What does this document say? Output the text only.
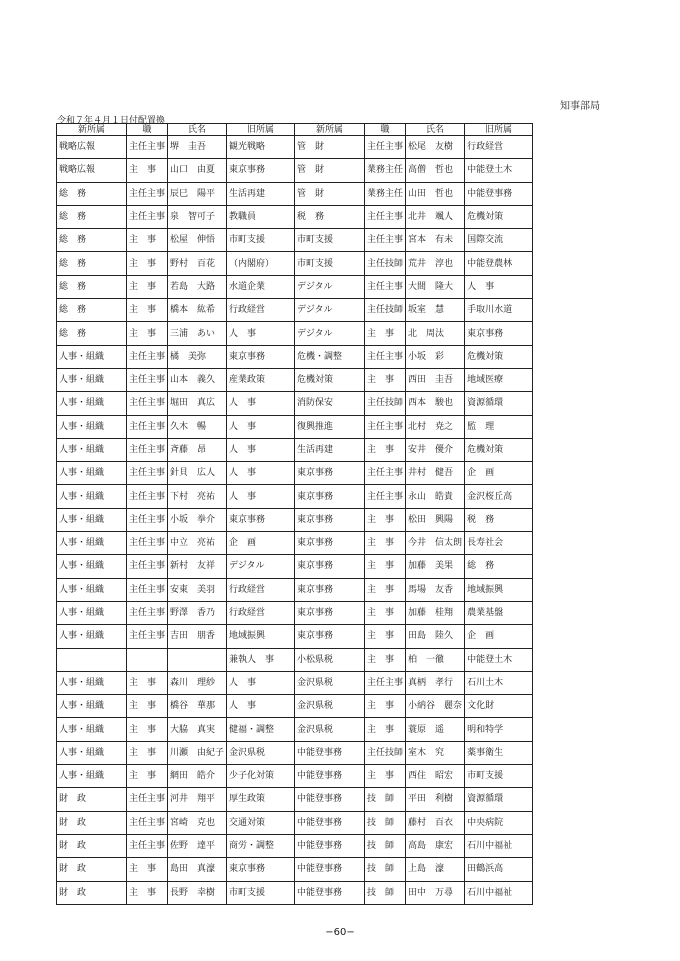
知事部局
令和７年４月１日付配置換
新所属	職	氏名	旧所属	新所属	職	氏名	旧所属
戦略広報	主任主事	堺　圭吾	観光戦略	管　財	主任主事	松尾　友樹	行政経営
戦略広報	主　事	山口　由夏	東京事務	管　財	業務主任	高僧　哲也	中能登土木
総　務	主任主事	辰巳　陽平	生活再建	管　財	業務主任	山田　哲也	中能登事務
総　務	主任主事	泉　智可子	教職員	税　務	主任主事	北井　颯人	危機対策
総　務	主　事	松屋　伸悟	市町支援	市町支援	主任主事	宮本　有未	国際交流
総　務	主　事	野村　百花	（内閣府）	市町支援	主任技師	荒井　淳也	中能登農林
総　務	主　事	若島　大路	水道企業	デジタル	主任主事	大間　隆大	人　事
総　務	主　事	橋本　紘希	行政経営	デジタル	主任技師	坂室　慧	手取川水道
総　務	主　事	三浦　あい	人　事	デジタル	主　事	北　周汰	東京事務
人事・組織	主任主事	橘　美弥	東京事務	危機・調整	主任主事	小坂　彩	危機対策
人事・組織	主任主事	山本　義久	産業政策	危機対策	主　事	西田　圭吾	地域医療
人事・組織	主任主事	堀田　真広	人　事	消防保安	主任技師	西本　駿也	資源循環
人事・組織	主任主事	久木　暢	人　事	復興推進	主任主事	北村　尭之	監　理
人事・組織	主任主事	斉藤　昂	人　事	生活再建	主　事	安井　優介	危機対策
人事・組織	主任主事	針貝　広人	人　事	東京事務	主任主事	井村　健吾	企　画
人事・組織	主任主事	下村　亮祐	人　事	東京事務	主任主事	永山　皓貴	金沢桜丘高
人事・組織	主任主事	小坂　拳介	東京事務	東京事務	主　事	松田　興陽	税　務
人事・組織	主任主事	中立　亮祐	企　画	東京事務	主　事	今井　信太朗	長寿社会
人事・組織	主任主事	新村　友祥	デジタル	東京事務	主　事	加藤　美果	総　務
人事・組織	主任主事	安東　美羽	行政経営	東京事務	主　事	馬場　友香	地域振興
人事・組織	主任主事	野澤　香乃	行政経営	東京事務	主　事	加藤　桂翔	農業基盤
人事・組織	主任主事	吉田　朋香	地域振興	東京事務	主　事	田島　陸久	企　画
			兼執人　事	小松県税	主　事	柏　一徹	中能登土木
人事・組織	主　事	森川　理紗	人　事	金沢県税	主任主事	真柄　孝行	石川土木
人事・組織	主　事	橋谷　華那	人　事	金沢県税	主　事	小納谷　麗奈	文化財
人事・組織	主　事	大脇　真実	健福・調整	金沢県税	主　事	蓑原　遥	明和特学
人事・組織	主　事	川瀬　由紀子	金沢県税	中能登事務	主任技師	室木　究	薬事衛生
人事・組織	主　事	網田　皓介	少子化対策	中能登事務	主　事	西住　昭宏	市町支援
財　政	主任主事	河井　翔平	厚生政策	中能登事務	技　師	平田　利樹	資源循環
財　政	主任主事	宮崎　克也	交通対策	中能登事務	技　師	藤村　百衣	中央病院
財　政	主任主事	佐野　達平	商労・調整	中能登事務	技　師	高島　康宏	石川中福祉
財　政	主　事	島田　真濠	東京事務	中能登事務	技　師	上島　濠	田鶴浜高
財　政	主　事	長野　幸樹	市町支援	中能登事務	技　師	田中　万尋	石川中福祉
−60−
